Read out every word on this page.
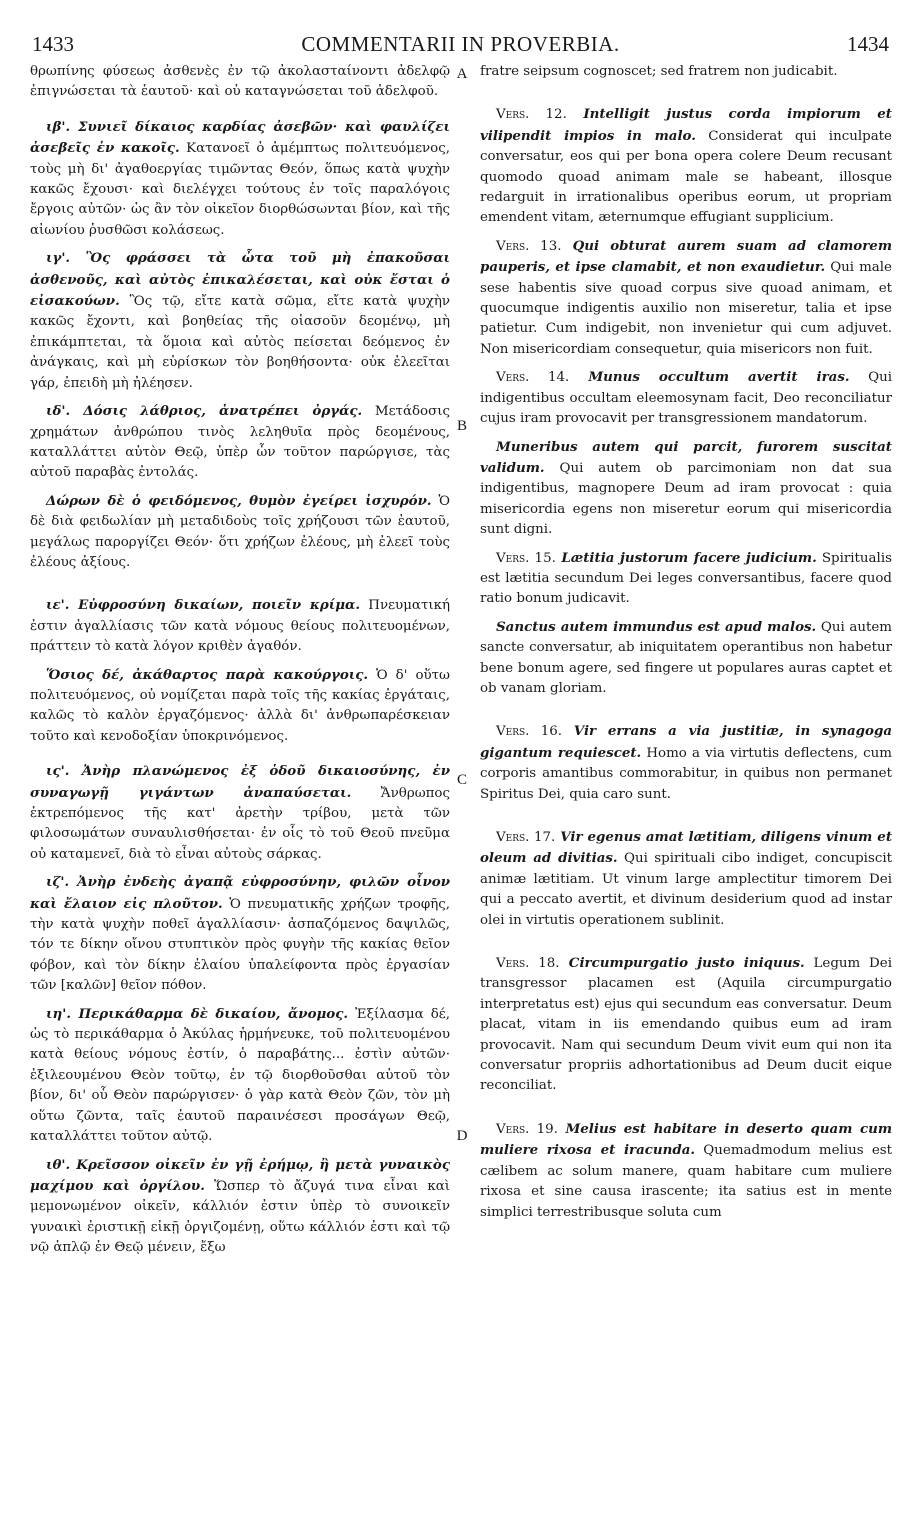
1433	COMMENTARII IN PROVERBIA.	1434

θρωπίνης φύσεως ἀσθενὲς ἐν τῷ ἀκολασταίνοντι ἀδελφῷ ἐπιγνώσεται τὰ ἑαυτοῦ· καὶ οὐ καταγνώσεται τοῦ ἀδελφοῦ.

ιβ'. Συνιεῖ δίκαιος καρδίας ἀσεβῶν· καὶ φαυλίζει ἀσεβεῖς ἐν κακοῖς. Κατανοεῖ ὁ ἀμέμπτως πολιτευόμενος, τοὺς μὴ δι' ἀγαθοεργίας τιμῶντας Θεόν, ὅπως κατὰ ψυχὴν κακῶς ἔχουσι· καὶ διελέγχει τούτους ἐν τοῖς παραλόγοις ἔργοις αὐτῶν· ὡς ἂν τὸν οἰκεῖον διορθώσωνται βίον, καὶ τῆς αἰωνίου ῥυσθῶσι κολάσεως.

ιγ'. Ὃς φράσσει τὰ ὦτα τοῦ μὴ ἐπακοῦσαι ἀσθενοῦς, καὶ αὐτὸς ἐπικαλέσεται, καὶ οὐκ ἔσται ὁ εἰσακούων. Ὃς τῷ, εἴτε κατὰ σῶμα, εἴτε κατὰ ψυχὴν κακῶς ἔχοντι, καὶ βοηθείας τῆς οἱασοῦν δεομένῳ, μὴ ἐπικάμπτεται, τὰ ὅμοια καὶ αὐτὸς πείσεται δεόμενος ἐν ἀνάγκαις, καὶ μὴ εὑρίσκων τὸν βοηθήσοντα· οὐκ ἐλεεῖται γάρ, ἐπειδὴ μὴ ἠλέησεν.

ιδ'. Δόσις λάθριος, ἀνατρέπει ὀργάς. Μετάδοσις χρημάτων ἀνθρώπου τινὸς λεληθυῖα πρὸς δεομένους, καταλλάττει αὐτὸν Θεῷ, ὑπὲρ ὧν τοῦτον παρώργισε, τὰς αὐτοῦ παραβὰς ἐντολάς.

Δώρων δὲ ὁ φειδόμενος, θυμὸν ἐγείρει ἰσχυρόν. Ὁ δὲ διὰ φειδωλίαν μὴ μεταδιδοὺς τοῖς χρήζουσι τῶν ἑαυτοῦ, μεγάλως παροργίζει Θεόν· ὅτι χρήζων ἐλέους, μὴ ἐλεεῖ τοὺς ἐλέους ἀξίους.

ιε'. Εὐφροσύνη δικαίων, ποιεῖν κρίμα. Πνευματική ἐστιν ἀγαλλίασις τῶν κατὰ νόμους θείους πολιτευομένων, πράττειν τὸ κατὰ λόγον κριθὲν ἀγαθόν.

Ὅσιος δέ, ἀκάθαρτος παρὰ κακούργοις. Ὁ δ' οὕτω πολιτευόμενος, οὐ νομίζεται παρὰ τοῖς τῆς κακίας ἐργάταις, καλῶς τὸ καλὸν ἐργαζόμενος· ἀλλὰ δι' ἀνθρωπαρέσκειαν τοῦτο καὶ κενοδοξίαν ὑποκρινόμενος.

ις'. Ἀνὴρ πλανώμενος ἐξ ὁδοῦ δικαιοσύνης, ἐν συναγωγῇ γιγάντων ἀναπαύσεται. Ἄνθρωπος ἐκτρεπόμενος τῆς κατ' ἀρετὴν τρίβου, μετὰ τῶν φιλοσωμάτων συναυλισθήσεται· ἐν οἷς τὸ τοῦ Θεοῦ πνεῦμα οὐ καταμενεῖ, διὰ τὸ εἶναι αὐτοὺς σάρκας.

ιζ'. Ἀνὴρ ἐνδεὴς ἀγαπᾷ εὐφροσύνην, φιλῶν οἶνον καὶ ἔλαιον εἰς πλοῦτον. Ὁ πνευματικῆς χρήζων τροφῆς, τὴν κατὰ ψυχὴν ποθεῖ ἀγαλλίασιν· ἀσπαζόμενος δαψιλῶς, τόν τε δίκην οἴνου στυπτικὸν πρὸς φυγὴν τῆς κακίας θεῖον φόβον, καὶ τὸν δίκην ἐλαίου ὑπαλείφοντα πρὸς ἐργασίαν τῶν [καλῶν] θεῖον πόθον.

ιη'. Περικάθαρμα δὲ δικαίου, ἄνομος. Ἐξίλασμα δέ, ὡς τὸ περικάθαρμα ὁ Ἀκύλας ἡρμήνευκε, τοῦ πολιτευομένου κατὰ θείους νόμους ἐστίν, ὁ παραβάτης... ἐστὶν αὐτῶν· ἐξιλεουμένου Θεὸν τοῦτῳ, ἐν τῷ διορθοῦσθαι αὐτοῦ τὸν βίον, δι' οὗ Θεὸν παρώργισεν· ὁ γὰρ κατὰ Θεὸν ζῶν, τὸν μὴ οὕτω ζῶντα, ταῖς ἑαυτοῦ παραινέσεσι προσάγων Θεῷ, καταλλάττει τοῦτον αὐτῷ.

ιθ'. Κρεῖσσον οἰκεῖν ἐν γῇ ἐρήμῳ, ἢ μετὰ γυναικὸς μαχίμου καὶ ὀργίλου. Ὥσπερ τὸ ἄζυγά τινα εἶναι καὶ μεμονωμένον οἰκεῖν, κάλλιόν ἐστιν ὑπὲρ τὸ συνοικεῖν γυναικὶ ἐριστικῇ εἰκῇ ὀργιζομένῃ, οὕτω κάλλιόν ἐστι καὶ τῷ νῷ ἁπλῷ ἐν Θεῷ μένειν, ἔξω

A
B
C
D

fratre seipsum cognoscet; sed fratrem non judicabit.

Vers. 12. Intelligit justus corda impiorum et vilipendit impios in malo. Considerat qui inculpate conversatur, eos qui per bona opera colere Deum recusant quomodo quoad animam male se habeant, illosque redarguit in irrationalibus operibus eorum, ut propriam emendent vitam, æternumque effugiant supplicium.

Vers. 13. Qui obturat aurem suam ad clamorem pauperis, et ipse clamabit, et non exaudietur. Qui male sese habentis sive quoad corpus sive quoad animam, et quocumque indigentis auxilio non miseretur, talia et ipse patietur. Cum indigebit, non invenietur qui cum adjuvet. Non misericordiam consequetur, quia misericors non fuit.

Vers. 14. Munus occultum avertit iras. Qui indigentibus occultam eleemosynam facit, Deo reconciliatur cujus iram provocavit per transgressionem mandatorum.

Muneribus autem qui parcit, furorem suscitat validum. Qui autem ob parcimoniam non dat sua indigentibus, magnopere Deum ad iram provocat : quia misericordia egens non miseretur eorum qui misericordia sunt digni.

Vers. 15. Lætitia justorum facere judicium. Spiritualis est lætitia secundum Dei leges conversantibus, facere quod ratio bonum judicavit.

Sanctus autem immundus est apud malos. Qui autem sancte conversatur, ab iniquitatem operantibus non habetur bene bonum agere, sed fingere ut populares auras captet et ob vanam gloriam.

Vers. 16. Vir errans a via justitiæ, in synagoga gigantum requiescet. Homo a via virtutis deflectens, cum corporis amantibus commorabitur, in quibus non permanet Spiritus Dei, quia caro sunt.

Vers. 17. Vir egenus amat lætitiam, diligens vinum et oleum ad divitias. Qui spirituali cibo indiget, concupiscit animæ lætitiam. Ut vinum large amplectitur timorem Dei qui a peccato avertit, et divinum desiderium quod ad instar olei in virtutis operationem sublinit.

Vers. 18. Circumpurgatio justo iniquus. Legum Dei transgressor placamen est (Aquila circumpurgatio interpretatus est) ejus qui secundum eas conversatur. Deum placat, vitam in iis emendando quibus eum ad iram provocavit. Nam qui secundum Deum vivit eum qui non ita conversatur propriis adhortationibus ad Deum ducit eique reconciliat.

Vers. 19. Melius est habitare in deserto quam cum muliere rixosa et iracunda. Quemadmodum melius est cælibem ac solum manere, quam habitare cum muliere rixosa et sine causa irascente; ita satius est in mente simplici terrestribusque soluta cum
